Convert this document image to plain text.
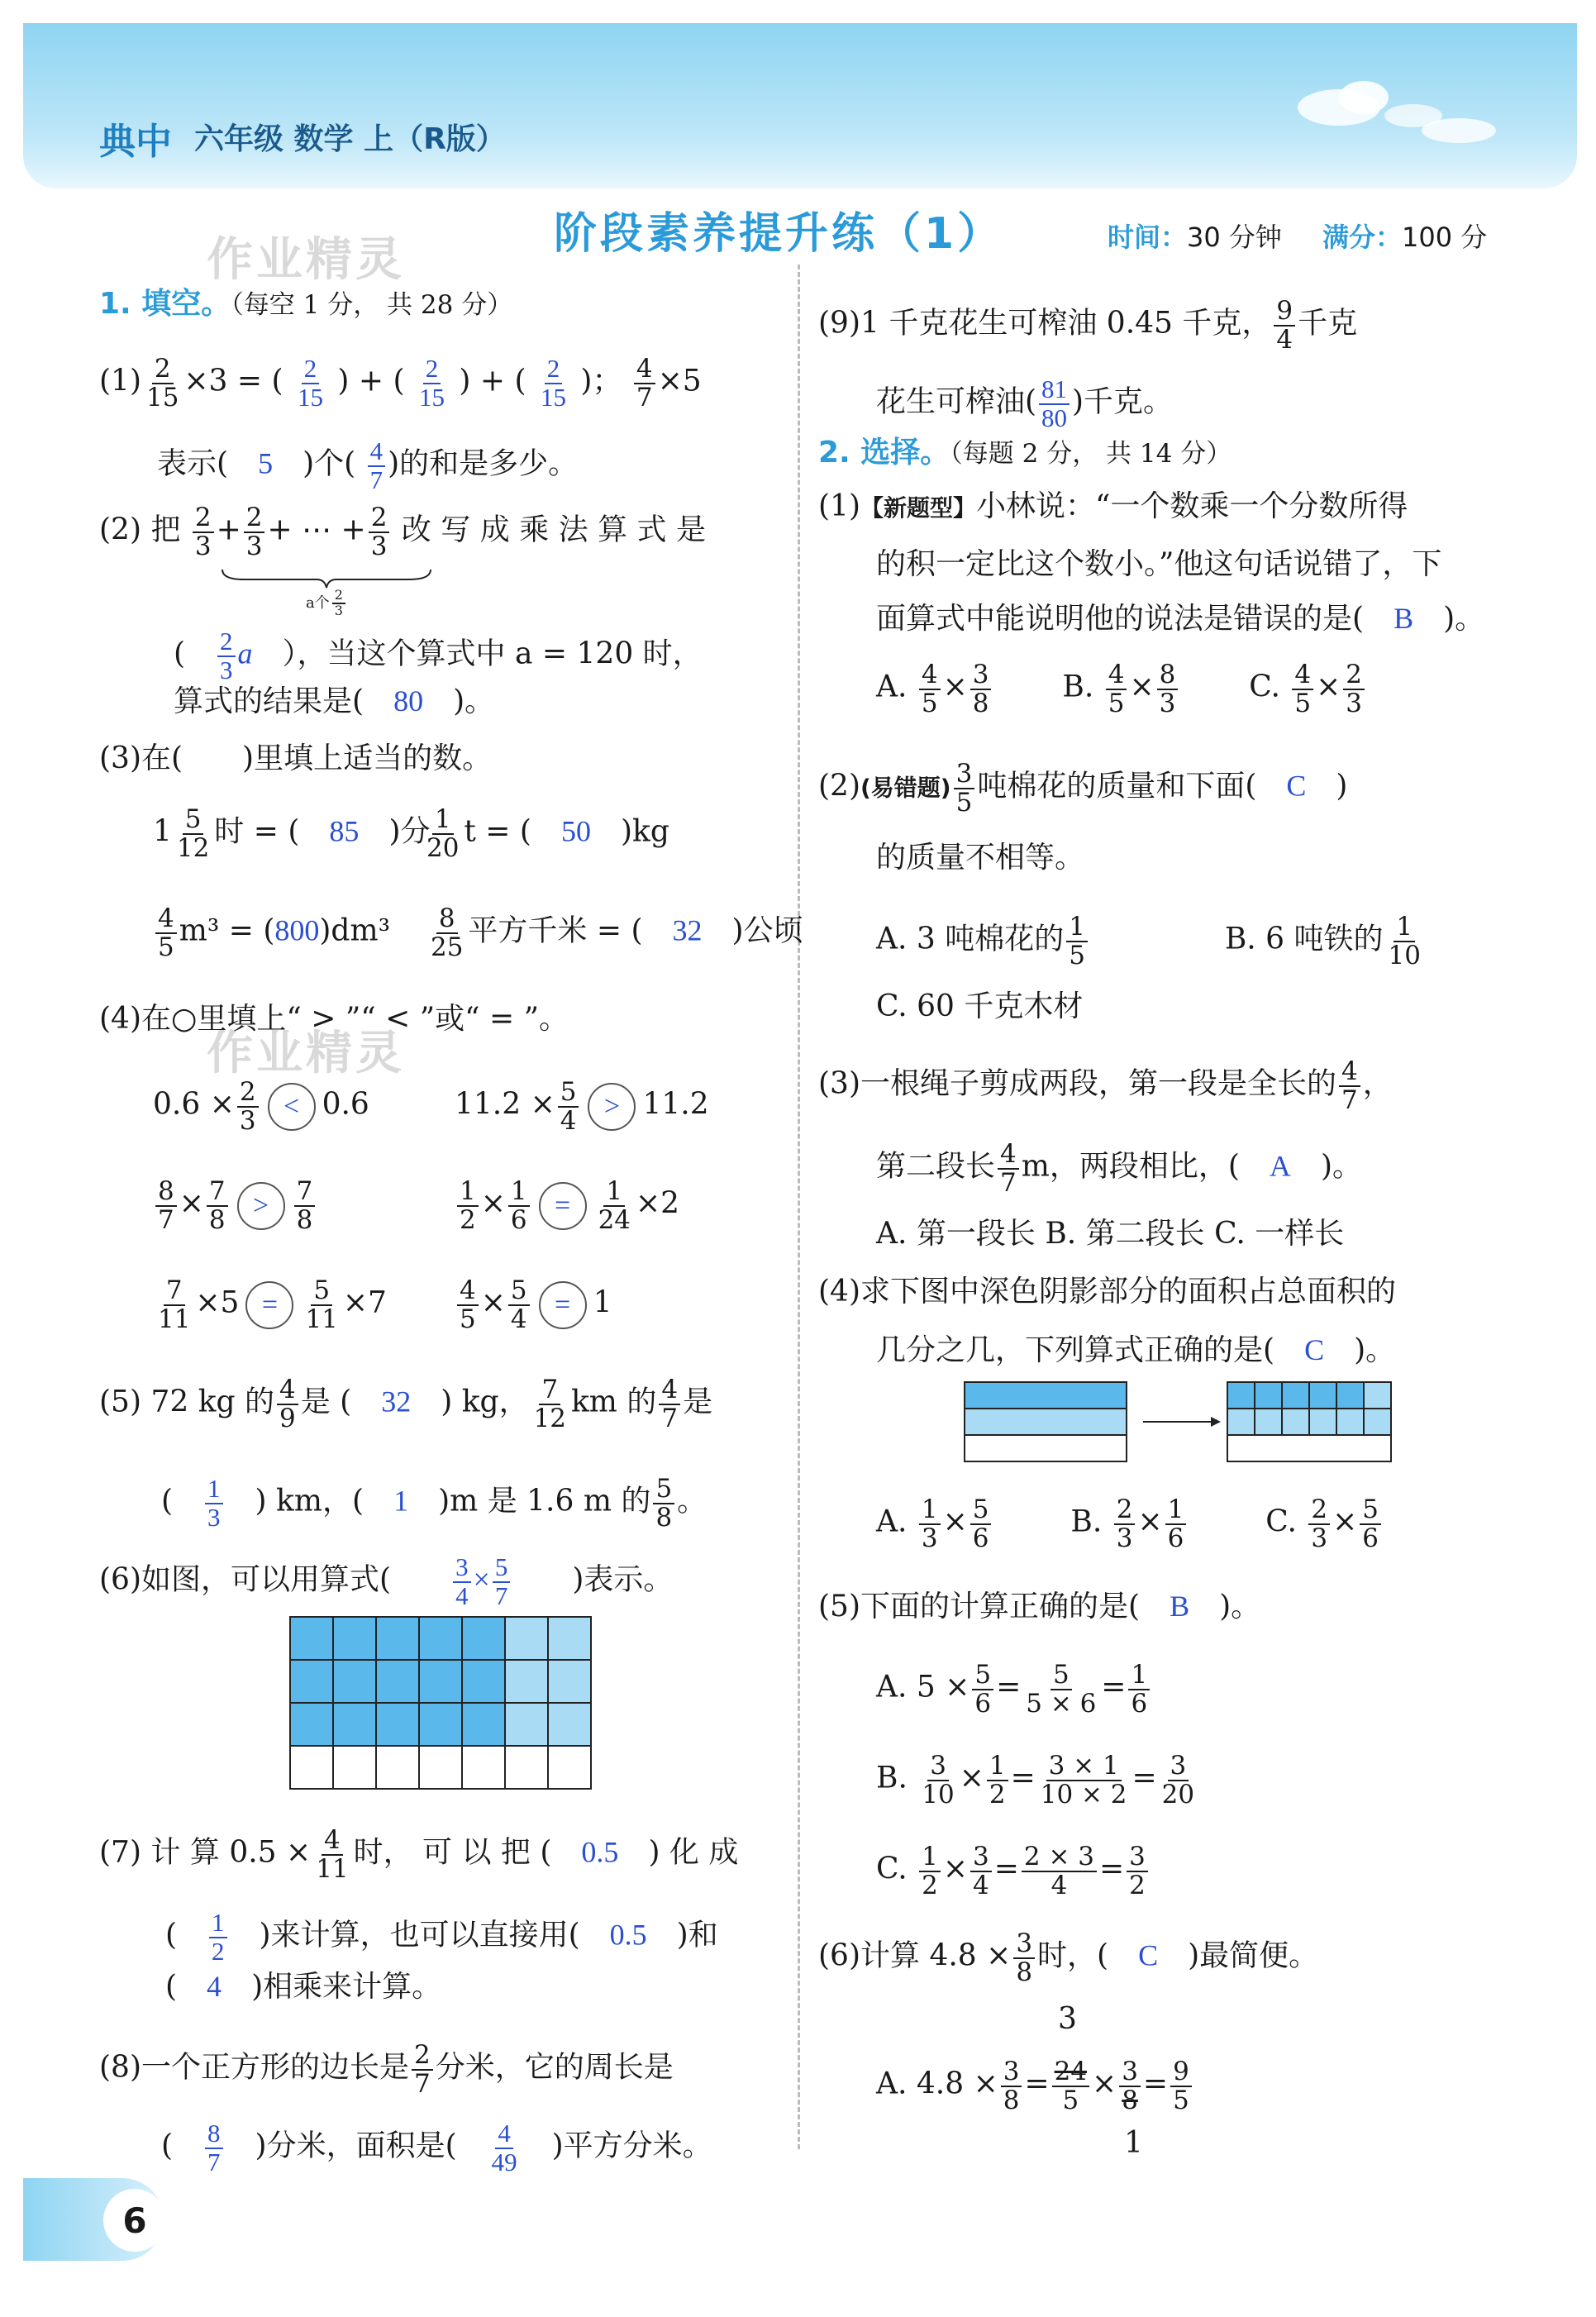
典中 六年级 数学 上（R版）
阶段素养提升练（1）	时间：30 分钟 满分：100 分
作业精灵
作业精灵
1. 填空。（每空 1 分， 共 28 分）
$(1) \frac{2}{15} \times 3$ = ( $\frac{2}{15}$ ) + ( $\frac{2}{15}$ ) + ( $\frac{2}{15}$ )； $\frac{4}{7} \times 5$
表示(　 5　 )个( $\frac{4}{7}$ )的和是多少。
(2) 把 $\frac{2}{3} + \frac{2}{3}$ + ⋯ + $\frac{2}{3}$ 改 写 成 乘 法 算 式 是
a个 $\frac{2}{3}$
(　 $\frac{2}{3}$ a　 ），当这个算式中 a = 120 时，
算式的结果是(　 80　 )。
(3)在(　　)里填上适当的数。
$1 \frac{5}{12}$ 时 = (　 85　 )分
$\frac{1}{20}$ t = (　 50　 )kg
$\frac{4}{5} m^3 = (800)dm^3 \frac{8}{25}$ 平方千米 = (　 32　 )公顷
(4)在○里填上“ > ”“ < ”或“ = ”。
$0.6 \times \frac{2}{3} < 0.6$	$11.2 \times \frac{5}{4} > 11.2$
$\frac{8}{7} \times \frac{7}{8} > \frac{7}{8}$	$\frac{1}{2} \times \frac{1}{6} = \frac{1}{24} \times 2$
$\frac{7}{11} \times 5 = \frac{5}{11} \times 7$	$\frac{4}{5} \times \frac{5}{4} = 1$
(5) 72 kg 的 $\frac{4}{9}$ 是 (　 32　 ) kg， $\frac{7}{12}$ km 的 $\frac{4}{7}$ 是
(　 $\frac{1}{3}$
　 ) km，(　 1　 )m 是 1.6 m 的 $\frac{5}{8}$ 。
(6)如图，可以用算式(　　 $\frac{3}{4} \times \frac{5}{7}$
　　 )表示。

(7) 计 算 $0.5 \times \frac{4}{11}$ 时， 可 以 把 (　 0.5　 ) 化 成
(　 $\frac{1}{2}$
　 )来计算，也可以直接用(　 0.5　 )和
(　4　 )相乘来计算。
(8)一个正方形的边长是 $\frac{2}{7}$ 分米，它的周长是
(　 $\frac{8}{7}$
　 )分米，面积是(　 $\frac{4}{49}$
　 )平方分米。
(9)1 千克花生可榨油 0.45 千克， $\frac{9}{4}$ 千克
花生可榨油( $\frac{81}{80}$ )千克。
2. 选择。（每题 2 分， 共 14 分）
(1)【新题型】小林说：“一个数乘一个分数所得
的积一定比这个数小。”他这句话说错了，下
面算式中能说明他的说法是错误的是(　 B　 )。
A. $\frac{4}{5} \times \frac{3}{8} B$. $\frac{4}{5} \times \frac{8}{3} C$. $\frac{4}{5} \times \frac{2}{3}$
(2)(易错题) $\frac{3}{5}$ 吨棉花的质量和下面(　 C　 )
的质量不相等。
A. 3 吨棉花的 $\frac{1}{5}$	B. 6 吨铁的 $\frac{1}{10}$
C. 60 千克木材
(3)一根绳子剪成两段，第一段是全长的 $\frac{4}{7}$ ，
第二段长 $\frac{4}{7}$ m，两段相比，(　 A　 )。
A. 第一段长 B. 第二段长 C. 一样长
(4)求下图中深色阴影部分的面积占总面积的
几分之几，下列算式正确的是(　 C　 )。
A. $\frac{1}{3} \times \frac{5}{6}$	B. $\frac{2}{3} \times \frac{1}{6}$	C. $\frac{2}{3} \times \frac{5}{6}$
(5)下面的计算正确的是(　 B　 )。
A. $5 \times \frac{5}{6} = \frac{5}{5 \times 6} = \frac{1}{6}$
B. $\frac{3}{10} \times \frac{1}{2} = \frac{3 \times 1}{10 \times 2} = \frac{3}{20}$
C. $\frac{1}{2} \times \frac{3}{4} = \frac{2 \times 3}{4} = \frac{3}{2}$
(6)计算 $4.8 \times \frac{3}{8}$ 时，(　 C　 )最简便。
3
A. $4.8 \times \frac{3}{8} = \frac{24}{5} \times \frac{3}{8} = \frac{9}{5}$
1
6
